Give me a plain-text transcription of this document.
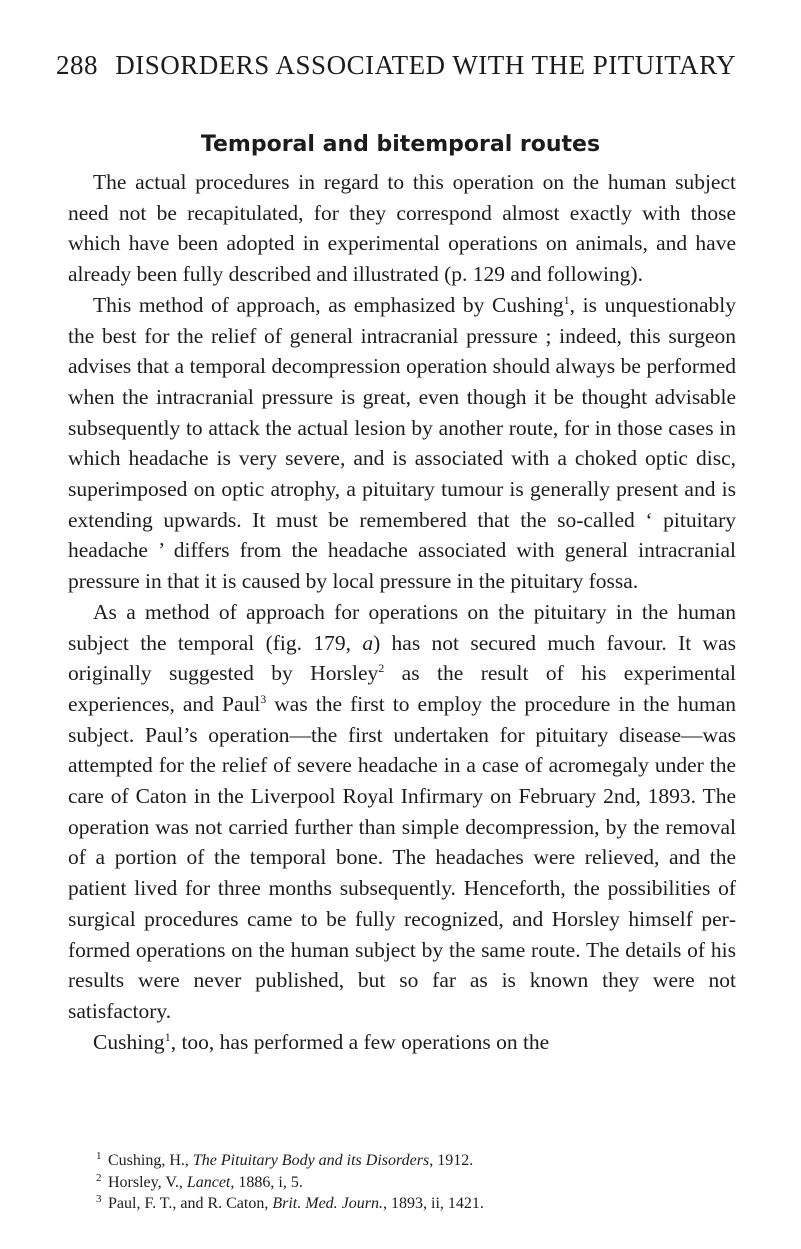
288 DISORDERS ASSOCIATED WITH THE PITUITARY
Temporal and bitemporal routes

The actual procedures in regard to this operation on the human subject need not be recapitulated, for they correspond almost exactly with those which have been adopted in experimental operations on animals, and have already been fully described and illustrated (p. 129 and following).

This method of approach, as emphasized by Cushing$^1$, is unquestionably the best for the relief of general intracranial pressure ; indeed, this surgeon advises that a temporal decompression operation should always be performed when the intracranial pressure is great, even though it be thought advisable subsequently to attack the actual lesion by another route, for in those cases in which headache is very severe, and is associated with a choked optic disc, superimposed on optic atrophy, a pituitary tumour is generally present and is extending upwards. It must be remembered that the so-called ‘ pituitary headache ’ differs from the headache associated with general intracranial pressure in that it is caused by local pressure in the pituitary fossa.

As a method of approach for operations on the pituitary in the human subject the temporal (fig. 179, a) has not secured much favour. It was originally suggested by Horsley$^2$ as the result of his experimental experiences, and Paul$^3$ was the first to employ the procedure in the human subject. Paul’s operation—the first undertaken for pituitary disease—was attempted for the relief of severe headache in a case of acromegaly under the care of Caton in the Liverpool Royal Infirmary on February 2nd, 1893. The operation was not carried further than simple decompression, by the removal of a portion of the temporal bone. The headaches were relieved, and the patient lived for three months subsequently. Henceforth, the possibilities of surgical procedures came to be fully recognized, and Horsley himself performed operations on the human subject by the same route. The details of his results were never published, but so far as is known they were not satisfactory.

Cushing$^1$, too, has performed a few operations on the

1 Cushing, H., The Pituitary Body and its Disorders, 1912.
2 Horsley, V., Lancet, 1886, i, 5.
3 Paul, F. T., and R. Caton, Brit. Med. Journ., 1893, ii, 1421.
